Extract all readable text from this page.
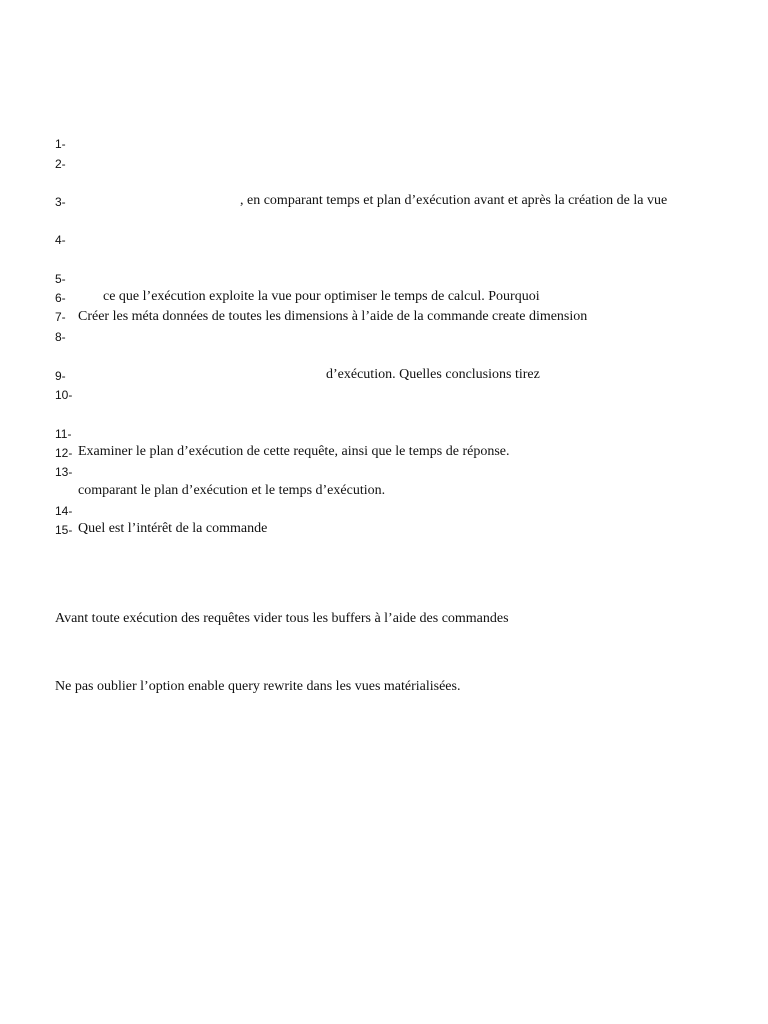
1-
2-
3-	, en comparant temps et plan d’exécution avant et après la création de la vue
4-
5-
6-	ce que l’exécution exploite la vue pour optimiser le temps de calcul. Pourquoi
7- Créer les méta données de toutes les dimensions à l’aide de la commande create dimension
8-
9-	d’exécution. Quelles conclusions tirez
10-
11-
12- Examiner le plan d’exécution de cette requête, ainsi que le temps de réponse.
13-
comparant le plan d’exécution et le temps d’exécution.
14-
15- Quel est l’intérêt de la commande
Avant toute exécution des requêtes vider tous les buffers à l’aide des commandes
Ne pas oublier l’option enable query rewrite dans les vues matérialisées.
